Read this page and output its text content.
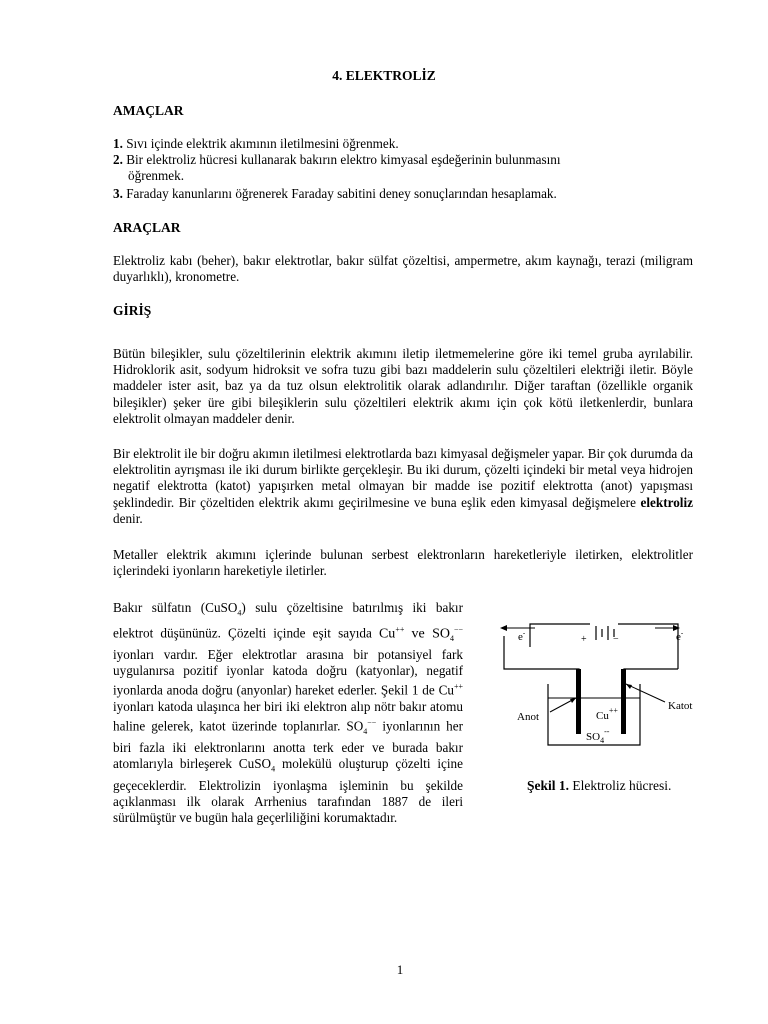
4. ELEKTROLİZ
AMAÇLAR
1. Sıvı içinde elektrik akımının iletilmesini öğrenmek.
2. Bir elektroliz hücresi kullanarak bakırın elektro kimyasal eşdeğerinin bulunmasını
öğrenmek.
3. Faraday kanunlarını öğrenerek Faraday sabitini deney sonuçlarından hesaplamak.
ARAÇLAR
Elektroliz kabı (beher), bakır elektrotlar, bakır sülfat çözeltisi, ampermetre, akım kaynağı, terazi (miligram duyarlıklı), kronometre.
GİRİŞ
Bütün bileşikler, sulu çözeltilerinin elektrik akımını iletip iletmemelerine göre iki temel gruba ayrılabilir. Hidroklorik asit, sodyum hidroksit ve sofra tuzu gibi bazı maddelerin sulu çözeltileri elektriği iletir. Böyle maddeler ister asit, baz ya da tuz olsun elektrolitik olarak adlandırılır. Diğer taraftan (özellikle organik bileşikler) şeker üre gibi bileşiklerin sulu çözeltileri elektrik akımı için çok kötü iletkenlerdir, bunlara elektrolit olmayan maddeler denir.
Bir elektrolit ile bir doğru akımın iletilmesi elektrotlarda bazı kimyasal değişmeler yapar. Bir çok durumda da elektrolitin ayrışması ile iki durum birlikte gerçekleşir. Bu iki durum, çözelti içindeki bir metal veya hidrojen negatif elektrotta (katot) yapışırken metal olmayan bir madde ise pozitif elektrotta (anot) yapışması şeklindedir. Bir çözeltiden elektrik akımı geçirilmesine ve buna eşlik eden kimyasal değişmelere elektroliz denir.
Metaller elektrik akımını içlerinde bulunan serbest elektronların hareketleriyle iletirken, elektrolitler içlerindeki iyonların hareketiyle iletirler.
Bakır sülfatın (CuSO$_4$) sulu çözeltisine batırılmış iki bakır elektrot düşününüz. Çözelti içinde eşit sayıda Cu++ ve $SO_4^{--}$ iyonları vardır. Eğer elektrotlar arasına bir potansiyel fark uygulanırsa pozitif iyonlar katoda doğru (katyonlar), negatif iyonlarda anoda doğru (anyonlar) hareket ederler. Şekil 1 de Cu++ iyonları katoda ulaşınca her biri iki elektron alıp nötr bakır atomu haline gelerek, katot üzerinde toplanırlar. $SO_4^{--}$ iyonlarının her biri fazla iki elektronlarını anotta terk eder ve burada bakır atomlarıyla birleşerek CuSO$_4$ molekülü oluşturup çözelti içine geçeceklerdir. Elektrolizin iyonlaşma işleminin bu şekilde açıklanması ilk olarak Arrhenius tarafından 1887 de ileri sürülmüştür ve bugün hala geçerliliğini korumaktadır.
e-	e-
+	−
Anot
Katot
Cu++
$SO_4^{--}$
Şekil 1. Elektroliz hücresi.
1
